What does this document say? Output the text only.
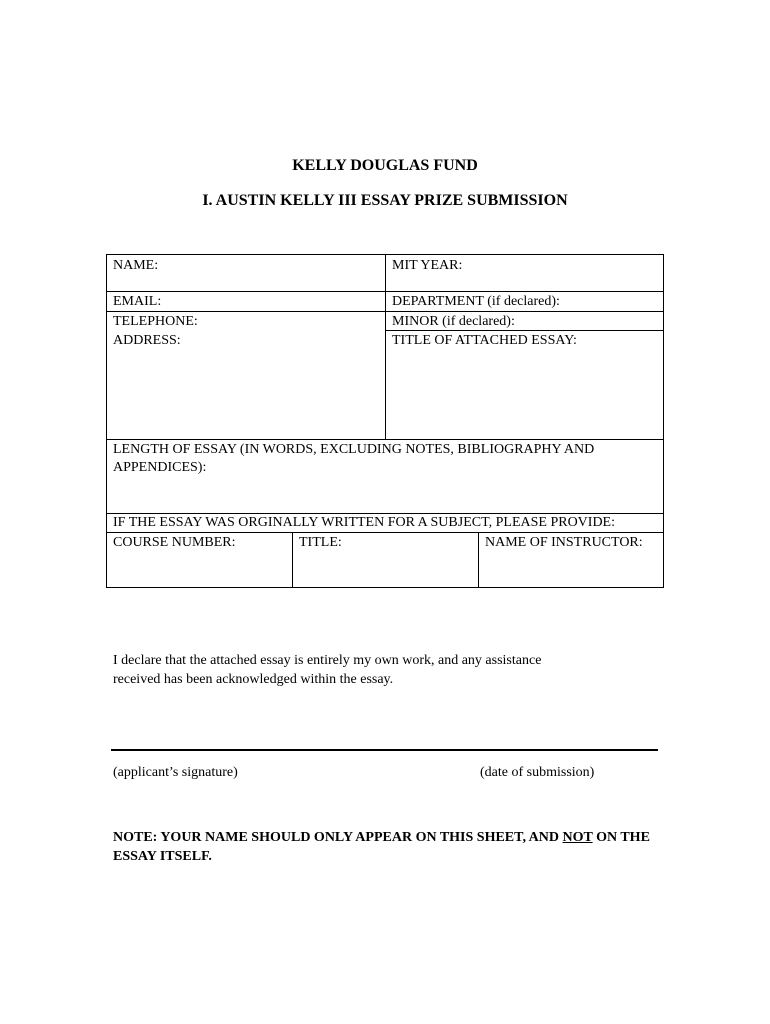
KELLY DOUGLAS FUND
I. AUSTIN KELLY III ESSAY PRIZE SUBMISSION
NAME:	MIT YEAR:
EMAIL:	DEPARTMENT (if declared):
TELEPHONE:	MINOR (if declared):
ADDRESS:	TITLE OF ATTACHED ESSAY:
LENGTH OF ESSAY (IN WORDS, EXCLUDING NOTES, BIBLIOGRAPHY AND
APPENDICES):
IF THE ESSAY WAS ORGINALLY WRITTEN FOR A SUBJECT, PLEASE PROVIDE:
COURSE NUMBER:	TITLE:	NAME OF INSTRUCTOR:
I declare that the attached essay is entirely my own work, and any assistance
received has been acknowledged within the essay.
(applicant’s signature)	(date of submission)
NOTE: YOUR NAME SHOULD ONLY APPEAR ON THIS SHEET, AND NOT ON THE
ESSAY ITSELF.
